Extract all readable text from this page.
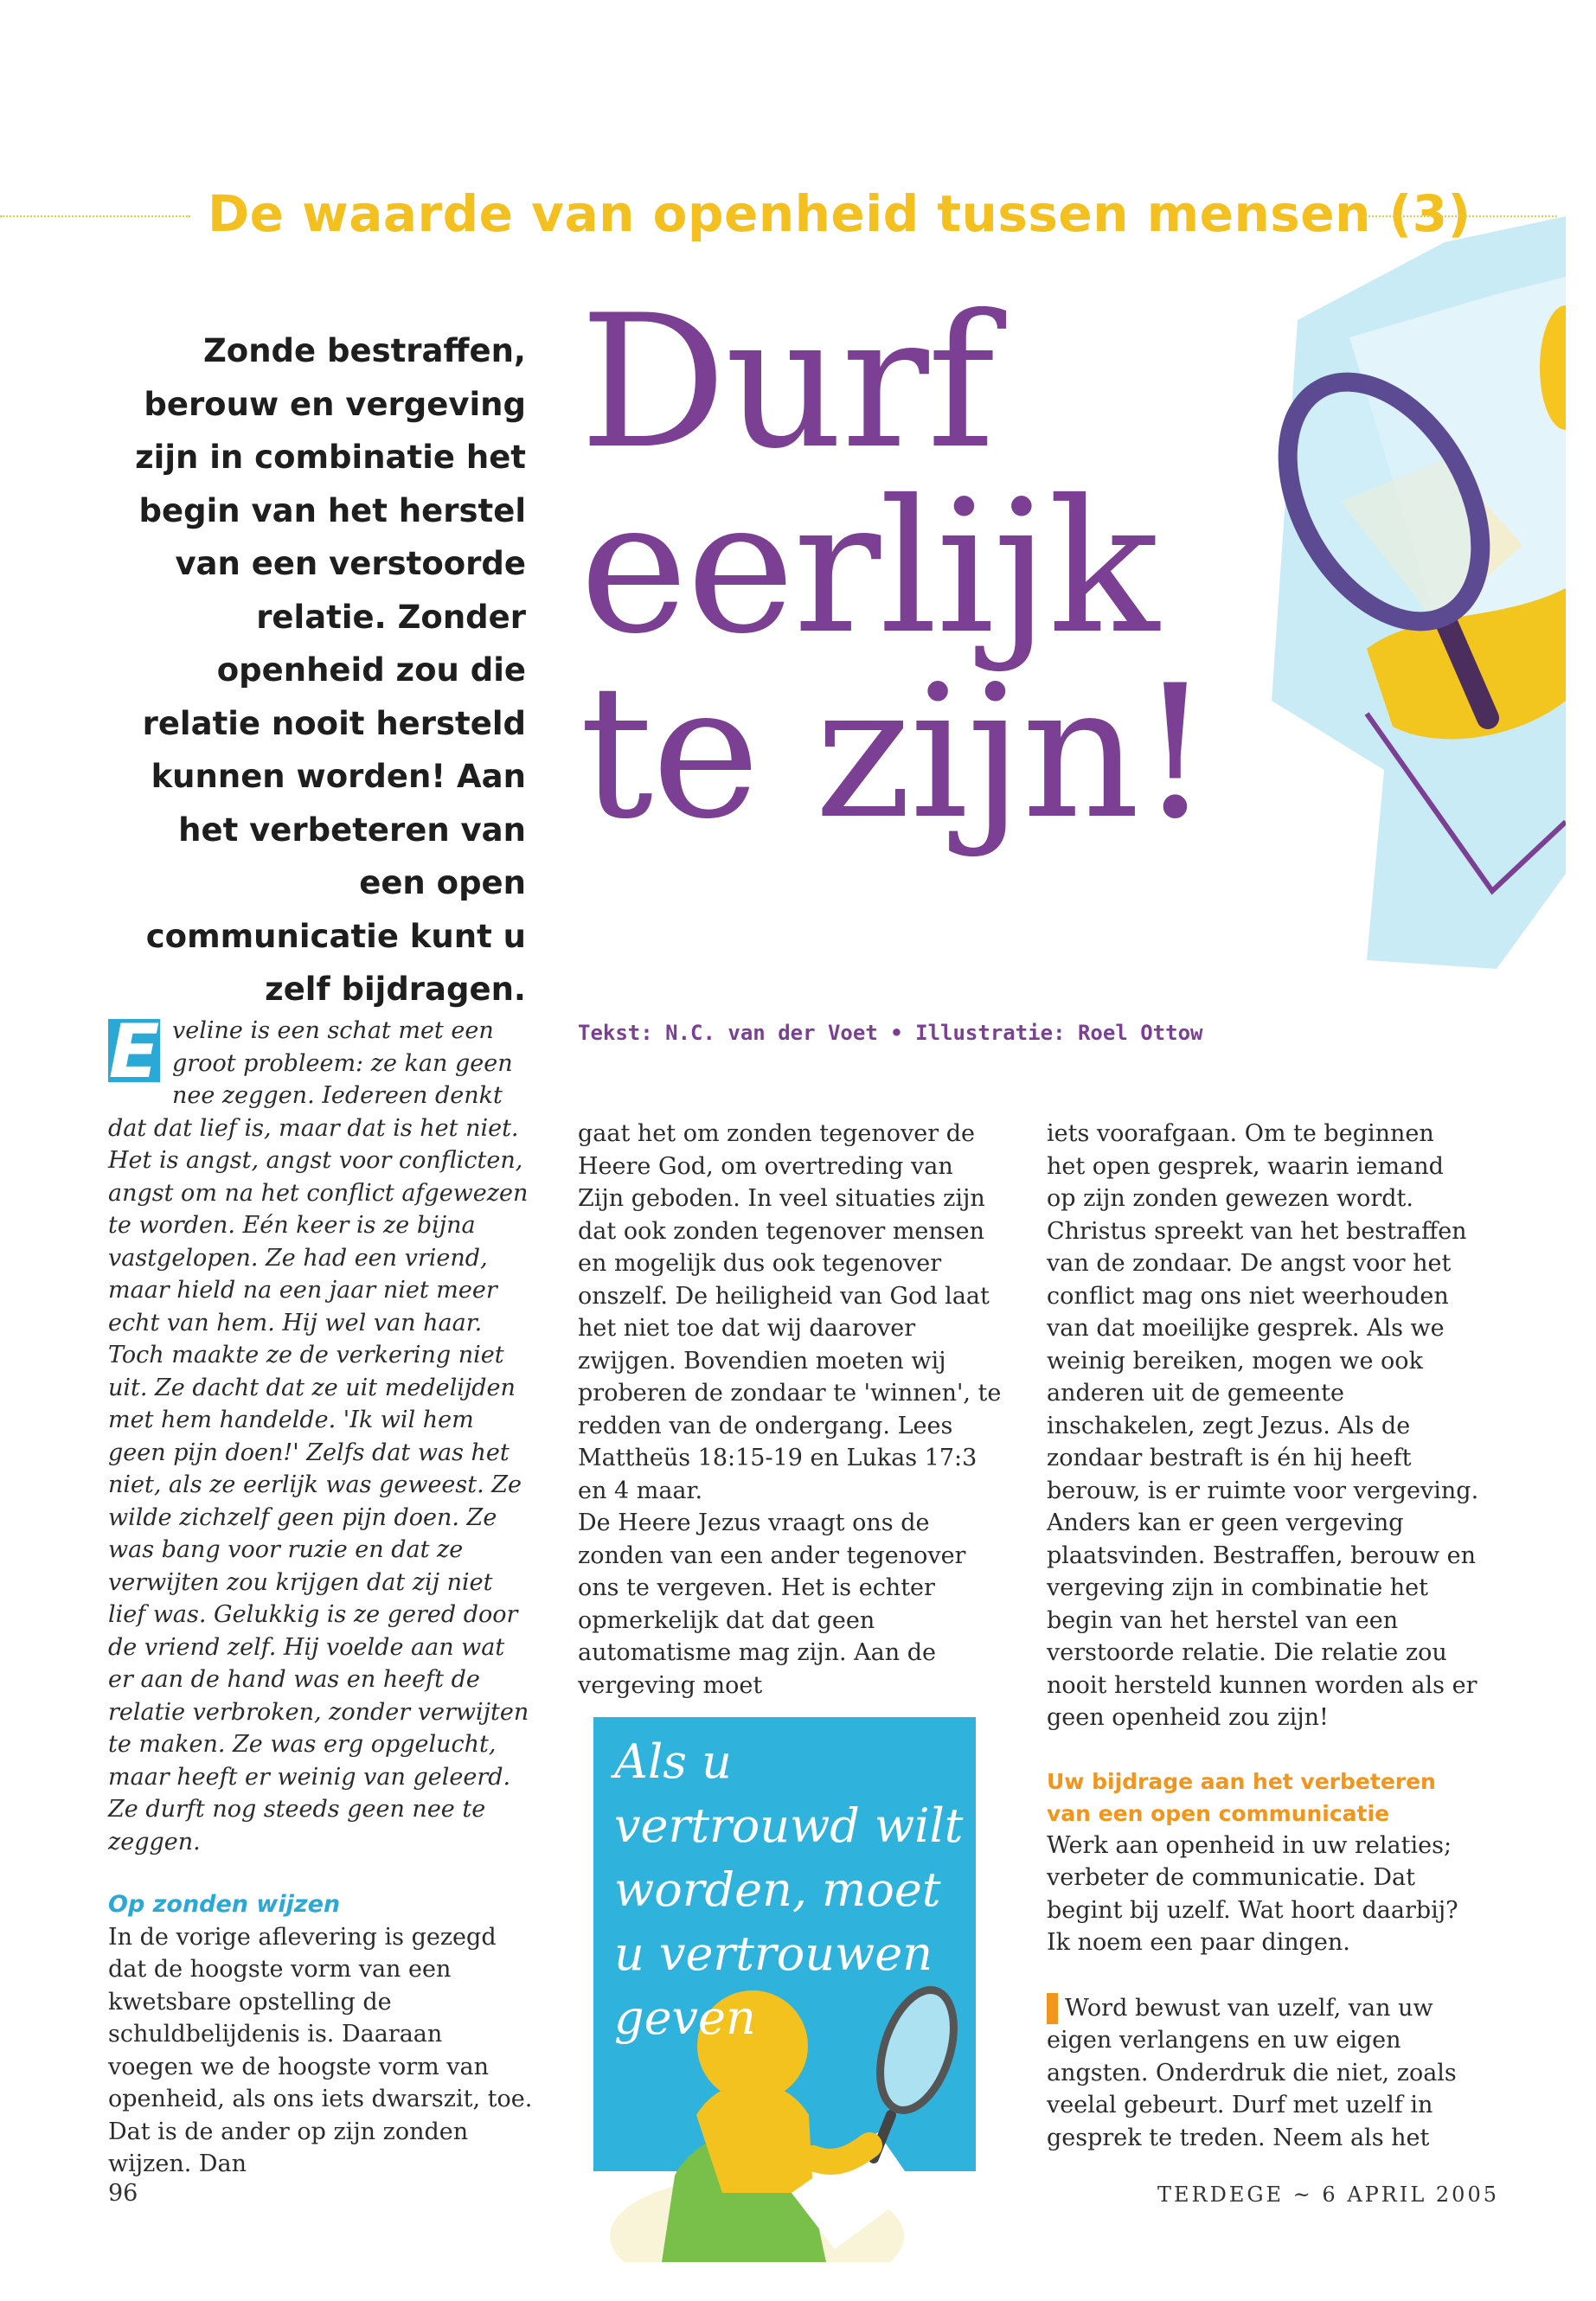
De waarde van openheid tussen mensen (3)
Zonde bestraffen, berouw en vergeving zijn in combinatie het begin van het herstel van een verstoorde relatie. Zonder openheid zou die relatie nooit hersteld kunnen worden! Aan het verbeteren van een open communicatie kunt u zelf bijdragen.
Durf
eerlijk
te zijn!
Tekst: N.C. van der Voet • Illustratie: Roel Ottow

E veline is een schat met een groot probleem: ze kan geen nee zeggen. Iedereen denkt dat dat lief is, maar dat is het niet. Het is angst, angst voor conflicten, angst om na het conflict afgewezen te worden. Eén keer is ze bijna vastgelopen. Ze had een vriend, maar hield na een jaar niet meer echt van hem. Hij wel van haar. Toch maakte ze de verkering niet uit. Ze dacht dat ze uit medelijden met hem handelde. 'Ik wil hem geen pijn doen!' Zelfs dat was het niet, als ze eerlijk was geweest. Ze wilde zichzelf geen pijn doen. Ze was bang voor ruzie en dat ze verwijten zou krijgen dat zij niet lief was. Gelukkig is ze gered door de vriend zelf. Hij voelde aan wat er aan de hand was en heeft de relatie verbroken, zonder verwijten te maken. Ze was erg opgelucht, maar heeft er weinig van geleerd. Ze durft nog steeds geen nee te zeggen.

Op zonden wijzen

In de vorige aflevering is gezegd dat de hoogste vorm van een kwetsbare opstelling de schuldbelijdenis is. Daaraan voegen we de hoogste vorm van openheid, als ons iets dwarszit, toe. Dat is de ander op zijn zonden wijzen. Dan

gaat het om zonden tegenover de Heere God, om overtreding van Zijn geboden. In veel situaties zijn dat ook zonden tegenover mensen en mogelijk dus ook tegenover onszelf. De heiligheid van God laat het niet toe dat wij daarover zwijgen. Bovendien moeten wij proberen de zondaar te 'winnen', te redden van de ondergang. Lees Mattheüs 18:15-19 en Lukas 17:3 en 4 maar.

De Heere Jezus vraagt ons de zonden van een ander tegenover ons te vergeven. Het is echter opmerkelijk dat dat geen automatisme mag zijn. Aan de vergeving moet

Als u vertrouwd wilt worden, moet u vertrouwen geven

iets voorafgaan. Om te beginnen het open gesprek, waarin iemand op zijn zonden gewezen wordt. Christus spreekt van het bestraffen van de zondaar. De angst voor het conflict mag ons niet weerhouden van dat moeilijke gesprek. Als we weinig bereiken, mogen we ook anderen uit de gemeente inschakelen, zegt Jezus. Als de zondaar bestraft is én hij heeft berouw, is er ruimte voor vergeving. Anders kan er geen vergeving plaatsvinden. Bestraffen, berouw en vergeving zijn in combinatie het begin van het herstel van een verstoorde relatie. Die relatie zou nooit hersteld kunnen worden als er geen openheid zou zijn!

Uw bijdrage aan het verbeteren van een open communicatie

Werk aan openheid in uw relaties; verbeter de communicatie. Dat begint bij uzelf. Wat hoort daarbij? Ik noem een paar dingen.

Word bewust van uzelf, van uw eigen verlangens en uw eigen angsten. Onderdruk die niet, zoals veelal gebeurt. Durf met uzelf in gesprek te treden. Neem als het

96	TERDEGE ~ 6 APRIL 2005
